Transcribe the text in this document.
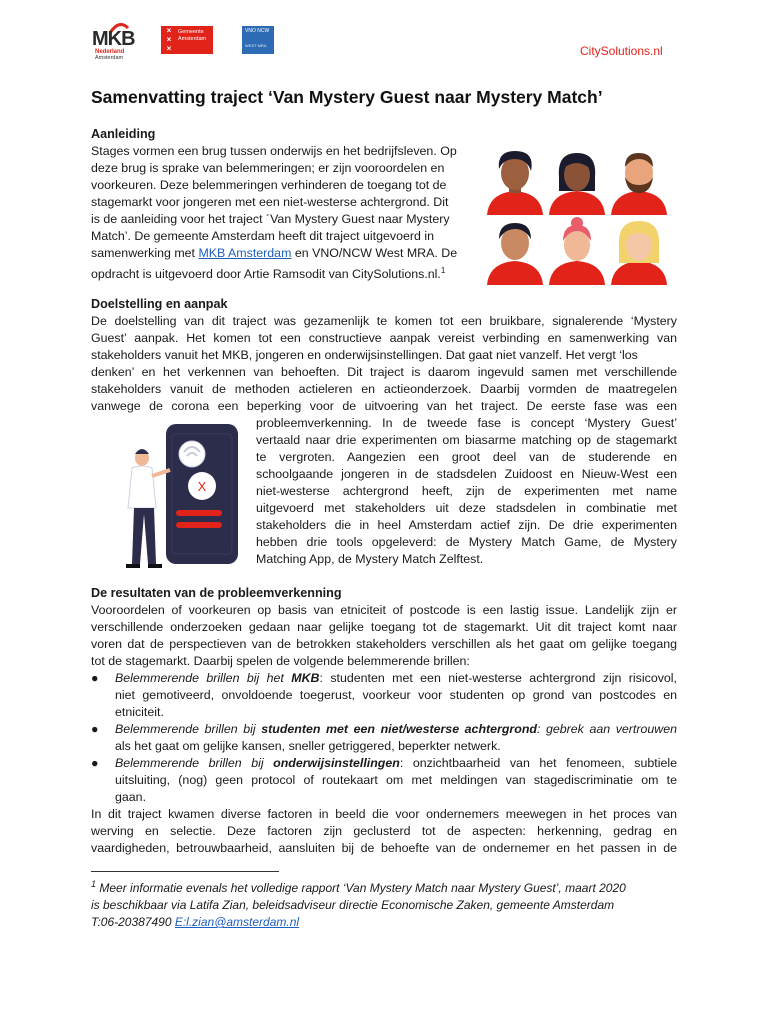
MKB
Nederland
Amsterdam
×
×
×
Gemeente
Amsterdam
VNO NCW
WEST MRA	CitySolutions.nl
Samenvatting traject ‘Van Mystery Guest naar Mystery Match’

Aanleiding

Stages vormen een brug tussen onderwijs en het bedrijfsleven. Op

deze brug is sprake van belemmeringen; er zijn vooroordelen en

voorkeuren. Deze belemmeringen verhinderen de toegang tot de

stagemarkt voor jongeren met een niet-westerse achtergrond. Dit

is de aanleiding voor het traject ´Van Mystery Guest naar Mystery

Match’. De gemeente Amsterdam heeft dit traject uitgevoerd in

samenwerking met MKB Amsterdam en VNO/NCW West MRA. De

opdracht is uitgevoerd door Artie Ramsodit van CitySolutions.nl.$^1$

Doelstelling en aanpak

De doelstelling van dit traject was gezamenlijk te komen tot een bruikbare, signalerende ‘Mystery

Guest’ aanpak. Het komen tot een constructieve aanpak vereist verbinding en samenwerking van

stakeholders vanuit het MKB, jongeren en onderwijsinstellingen. Dat gaat niet vanzelf. Het vergt ‘los

denken’ en het verkennen van behoeften. Dit traject is daarom ingevuld samen met verschillende

stakeholders vanuit de methoden actieleren en actieonderzoek. Daarbij vormden de maatregelen

vanwege de corona een beperking voor de uitvoering van het traject. De eerste fase was een

probleemverkenning. In de tweede fase is concept ‘Mystery Guest’

vertaald naar drie experimenten om biasarme matching op de stagemarkt

te vergroten. Aangezien een groot deel van de studerende en

schoolgaande jongeren in de stadsdelen Zuidoost en Nieuw-West een

niet-westerse achtergrond heeft, zijn de experimenten met name

uitgevoerd met stakeholders uit deze stadsdelen in combinatie met

stakeholders die in heel Amsterdam actief zijn. De drie experimenten

hebben drie tools opgeleverd: de Mystery Match Game, de Mystery

Matching App, de Mystery Match Zelftest.

X

De resultaten van de probleemverkenning

Vooroordelen of voorkeuren op basis van etniciteit of postcode is een lastig issue. Landelijk zijn er

verschillende onderzoeken gedaan naar gelijke toegang tot de stagemarkt. Uit dit traject komt naar

voren dat de perspectieven van de betrokken stakeholders verschillen als het gaat om gelijke toegang

tot de stagemarkt. Daarbij spelen de volgende belemmerende brillen:

● Belemmerende brillen bij het MKB: studenten met een niet-westerse achtergrond zijn risicovol,

niet gemotiveerd, onvoldoende toegerust, voorkeur voor studenten op grond van postcodes en

etniciteit.

● Belemmerende brillen bij studenten met een niet/westerse achtergrond: gebrek aan vertrouwen

als het gaat om gelijke kansen, sneller getriggered, beperkter netwerk.

● Belemmerende brillen bij onderwijsinstellingen: onzichtbaarheid van het fenomeen, subtiele

uitsluiting, (nog) geen protocol of routekaart om met meldingen van stagediscriminatie om te

gaan.

In dit traject kwamen diverse factoren in beeld die voor ondernemers meewegen in het proces van

werving en selectie. Deze factoren zijn geclusterd tot de aspecten: herkenning, gedrag en

vaardigheden, betrouwbaarheid, aansluiten bij de behoefte van de ondernemer en het passen in de

$^1$ Meer informatie evenals het volledige rapport ‘Van Mystery Match naar Mystery Guest’, maart 2020
is beschikbaar via Latifa Zian, beleidsadviseur directie Economische Zaken, gemeente Amsterdam
T:06-20387490 E:l.zian@amsterdam.nl
